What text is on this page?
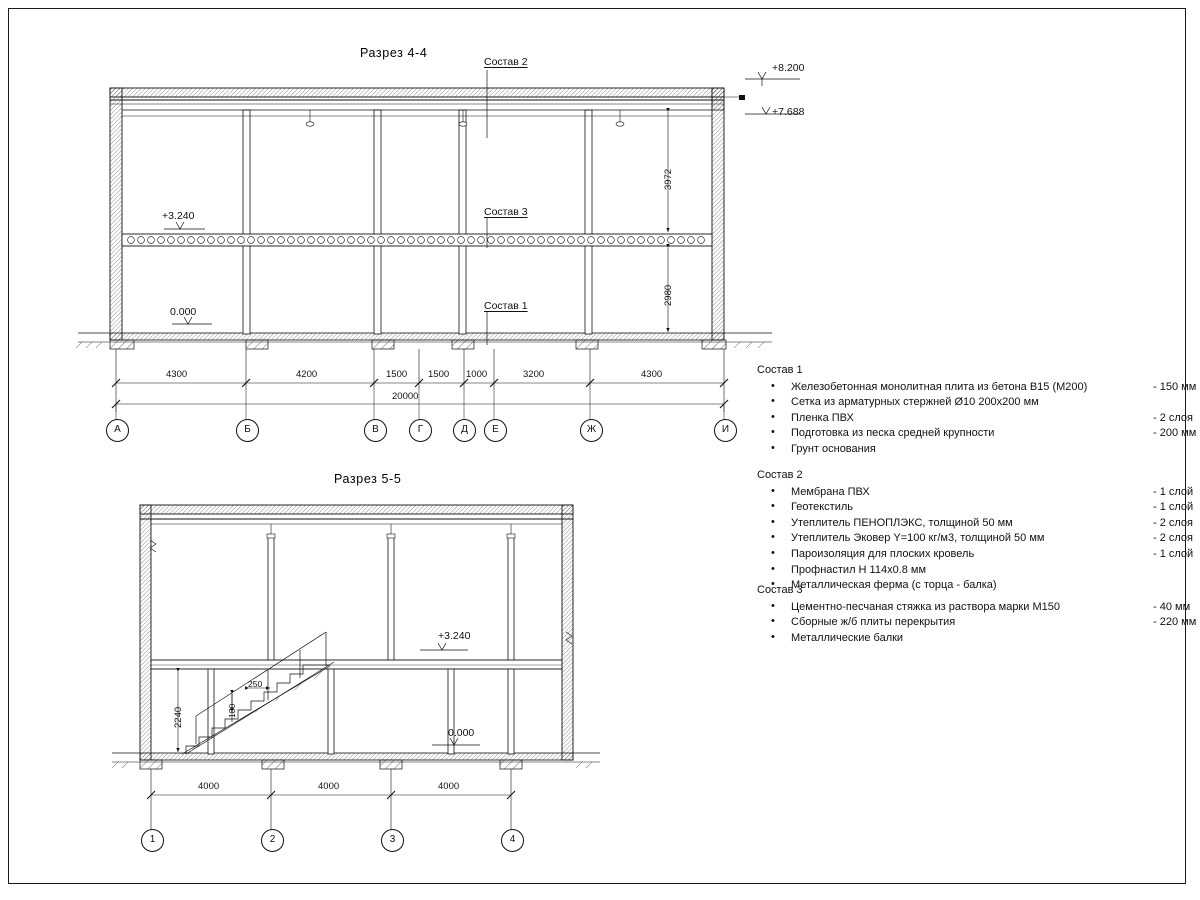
Разрез 4-4
Разрез 5-5
Состав 2
Состав 3
Состав 1
+8.200
+7.688
+3.240
0.000
3972
2980
4300	4200	1500 1500 1000	3200	4300
20000
А	Б	В	Г	Д	Е	Ж	И
+3.240
0.000
2240	180
250
4000	4000	4000
1	2	3	4
Состав 1
• Железобетонная монолитная плита из бетона B15 (M200)	- 150 мм
• Сетка из арматурных стержней Ø10 200x200 мм
• Пленка ПВХ	- 2 слоя
• Подготовка из песка средней крупности	- 200 мм
• Грунт основания
Состав 2
• Мембрана ПВХ	- 1 слой
• Геотекстиль	- 1 слой
• Утеплитель ПЕНОПЛЭКС, толщиной 50 мм	- 2 слоя
• Утеплитель Эковер Y=100 кг/м3, толщиной 50 мм	- 2 слоя
• Пароизоляция для плоских кровель	- 1 слой
• Профнастил Н 114x0.8 мм
• Металлическая ферма (с торца - балка)
Состав 3
• Цементно-песчаная стяжка из раствора марки M150	- 40 мм
• Сборные ж/б плиты перекрытия	- 220 мм
• Металлические балки
